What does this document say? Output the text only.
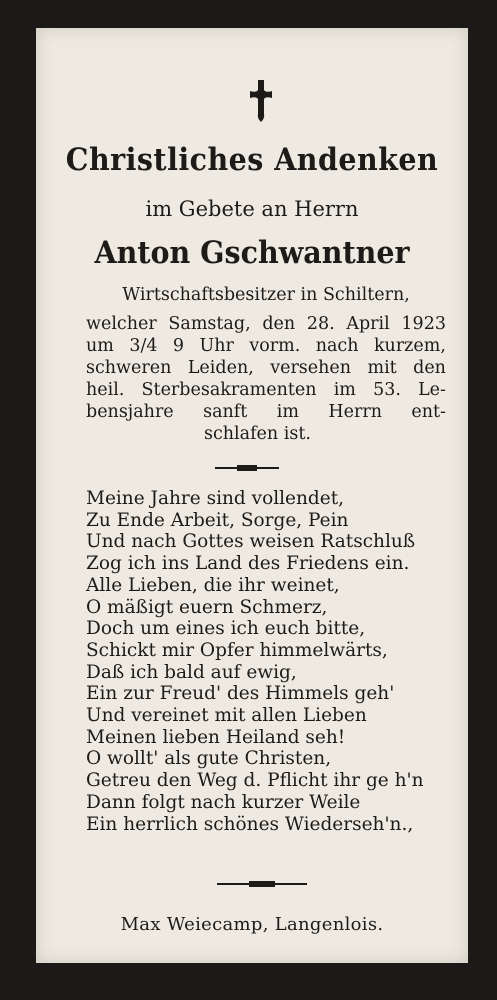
Christliches Andenken
im Gebete an Herrn
Anton Gschwantner
Wirtschaftsbesitzer in Schiltern,
welcher Samstag, den 28. April 1923
um 3/4 9 Uhr vorm. nach kurzem,
schweren Leiden, versehen mit den
heil. Sterbesakramenten im 53. Le-
bensjahre sanft im Herrn ent-
schlafen ist.
Meine Jahre sind vollendet,
Zu Ende Arbeit, Sorge, Pein
Und nach Gottes weisen Ratschluß
Zog ich ins Land des Friedens ein.
Alle Lieben, die ihr weinet,
O mäßigt euern Schmerz,
Doch um eines ich euch bitte,
Schickt mir Opfer himmelwärts,
Daß ich bald auf ewig,
Ein zur Freud' des Himmels geh'
Und vereinet mit allen Lieben
Meinen lieben Heiland seh!
O wollt' als gute Christen,
Getreu den Weg d. Pflicht ihr ge h'n
Dann folgt nach kurzer Weile
Ein herrlich schönes Wiederseh'n.,
Max Weiecamp, Langenlois.
